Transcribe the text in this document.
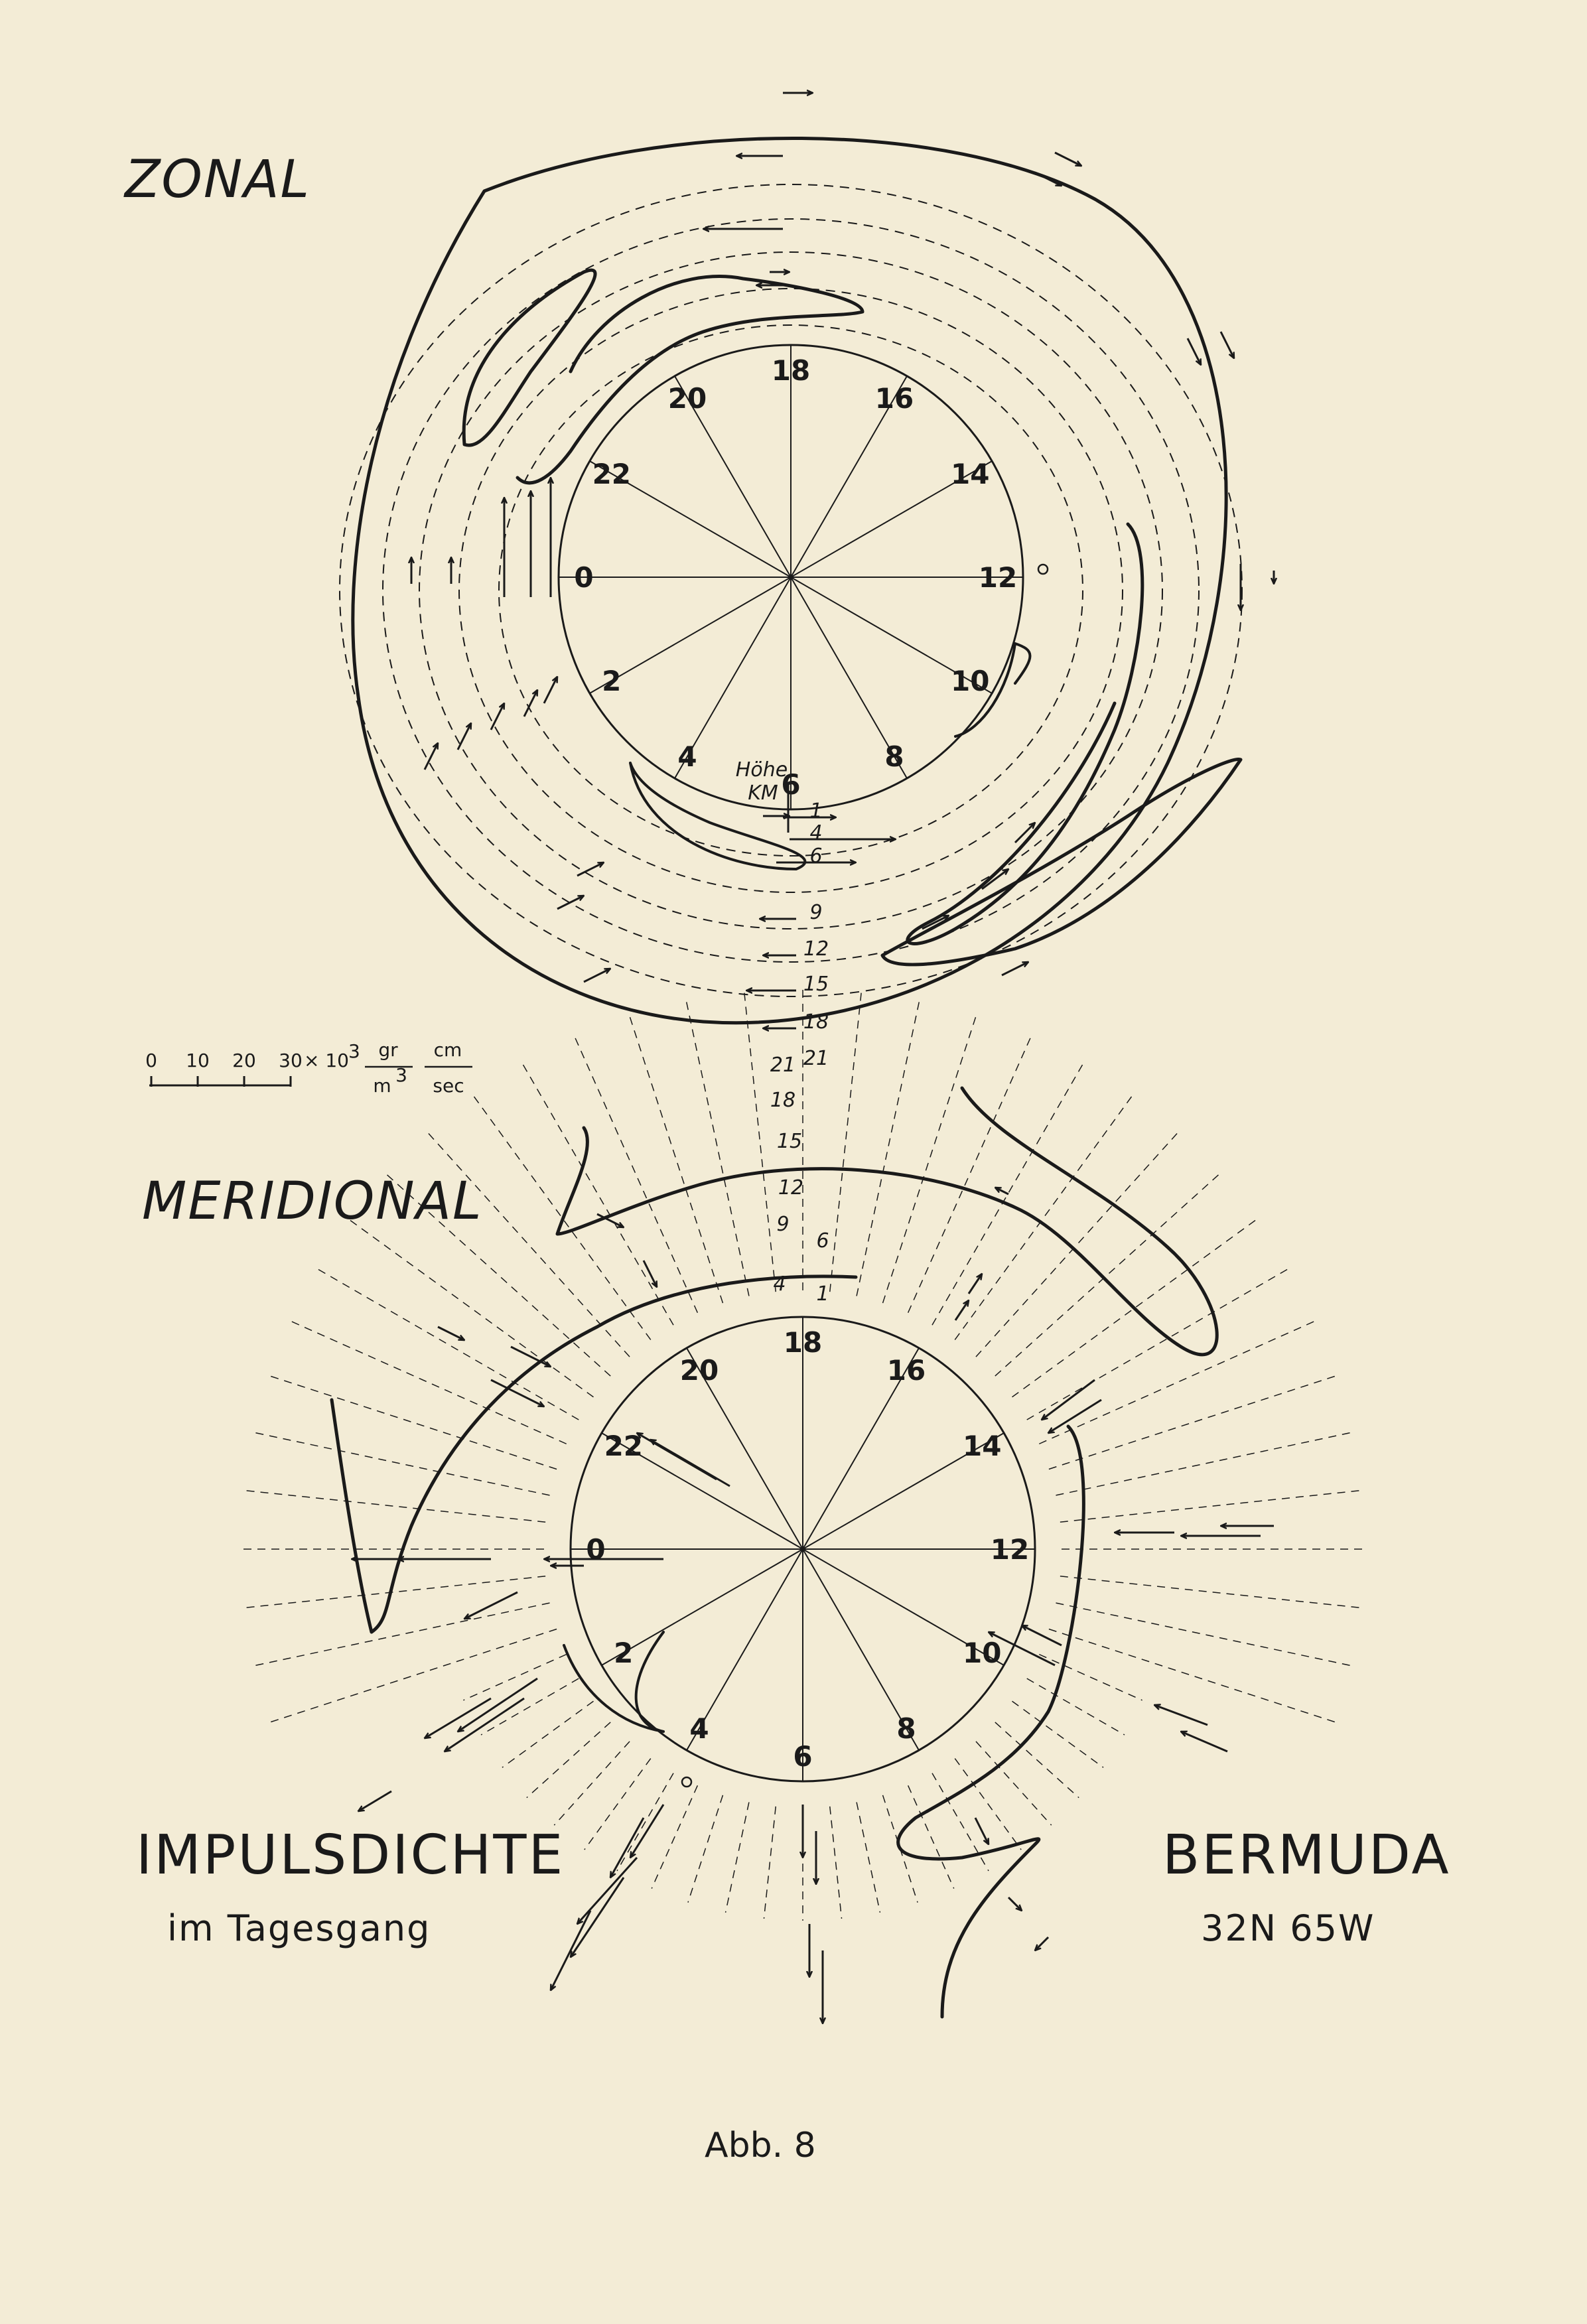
18
16
14
12
10
8
6
4
2
0
22
20
Höhe
KM
1
4
6
9
12
15
18
21
18
16
14
12
10
8
6
4
2
0
22
20
21
18
15
12
9
6
4 1
0 10 20 30 × 10 3 gr
m 3
cm
sec
ZONAL
MERIDIONAL
IMPULSDICHTE
im Tagesgang
BERMUDA
32N 65W
Abb. 8
